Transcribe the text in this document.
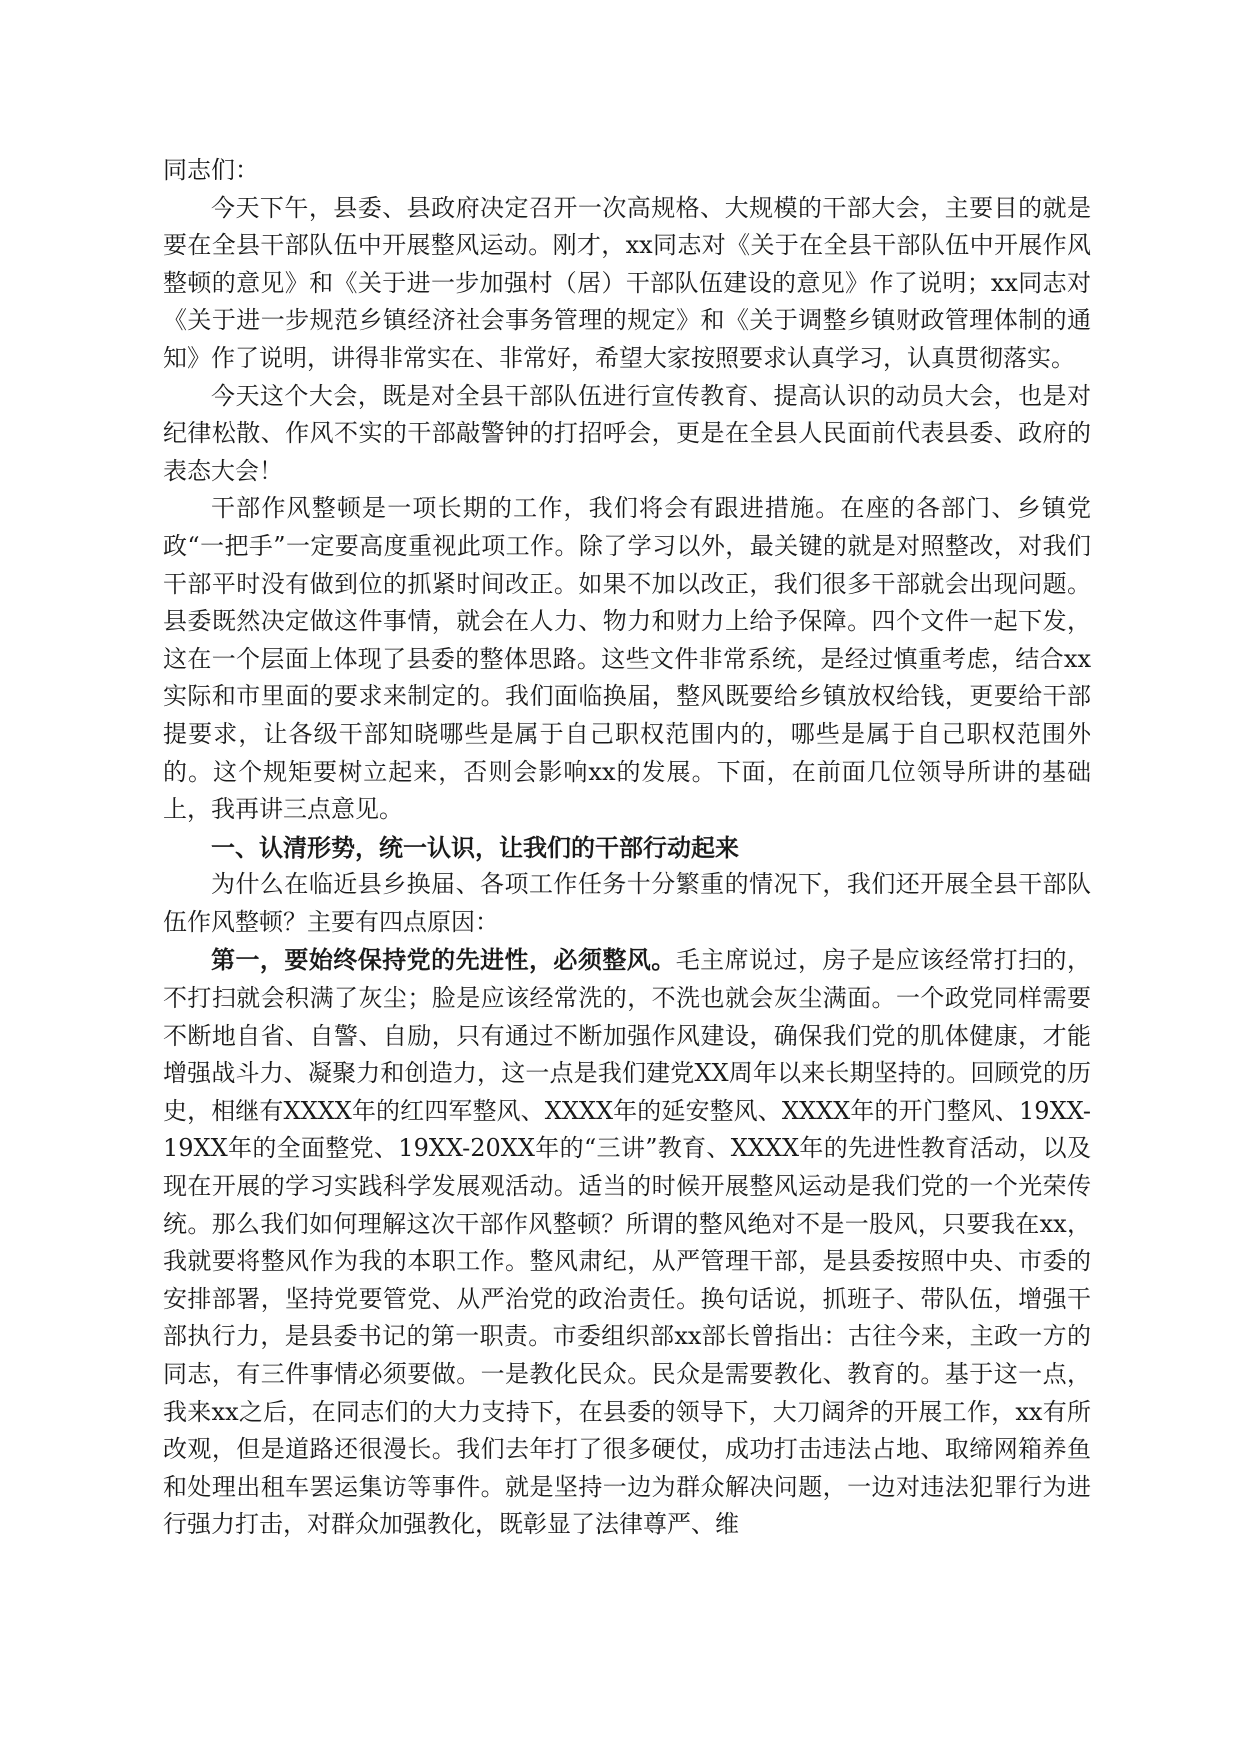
同志们：

今天下午，县委、县政府决定召开一次高规格、大规模的干部大会，主要目的就是要在全县干部队伍中开展整风运动。刚才，xx同志对《关于在全县干部队伍中开展作风整顿的意见》和《关于进一步加强村（居）干部队伍建设的意见》作了说明；xx同志对《关于进一步规范乡镇经济社会事务管理的规定》和《关于调整乡镇财政管理体制的通知》作了说明，讲得非常实在、非常好，希望大家按照要求认真学习，认真贯彻落实。

今天这个大会，既是对全县干部队伍进行宣传教育、提高认识的动员大会，也是对纪律松散、作风不实的干部敲警钟的打招呼会，更是在全县人民面前代表县委、政府的表态大会！

干部作风整顿是一项长期的工作，我们将会有跟进措施。在座的各部门、乡镇党政“一把手”一定要高度重视此项工作。除了学习以外，最关键的就是对照整改，对我们干部平时没有做到位的抓紧时间改正。如果不加以改正，我们很多干部就会出现问题。县委既然决定做这件事情，就会在人力、物力和财力上给予保障。四个文件一起下发，这在一个层面上体现了县委的整体思路。这些文件非常系统，是经过慎重考虑，结合xx实际和市里面的要求来制定的。我们面临换届，整风既要给乡镇放权给钱，更要给干部提要求，让各级干部知晓哪些是属于自己职权范围内的，哪些是属于自己职权范围外的。这个规矩要树立起来，否则会影响xx的发展。下面，在前面几位领导所讲的基础上，我再讲三点意见。

一、认清形势，统一认识，让我们的干部行动起来

为什么在临近县乡换届、各项工作任务十分繁重的情况下，我们还开展全县干部队伍作风整顿？主要有四点原因：

第一，要始终保持党的先进性，必须整风。毛主席说过，房子是应该经常打扫的，不打扫就会积满了灰尘；脸是应该经常洗的，不洗也就会灰尘满面。一个政党同样需要不断地自省、自警、自励，只有通过不断加强作风建设，确保我们党的肌体健康，才能增强战斗力、凝聚力和创造力，这一点是我们建党XX周年以来长期坚持的。回顾党的历史，相继有XXXX年的红四军整风、XXXX年的延安整风、XXXX年的开门整风、19XX-19XX年的全面整党、19XX-20XX年的“三讲”教育、XXXX年的先进性教育活动，以及现在开展的学习实践科学发展观活动。适当的时候开展整风运动是我们党的一个光荣传统。那么我们如何理解这次干部作风整顿？所谓的整风绝对不是一股风，只要我在xx，我就要将整风作为我的本职工作。整风肃纪，从严管理干部，是县委按照中央、市委的安排部署，坚持党要管党、从严治党的政治责任。换句话说，抓班子、带队伍，增强干部执行力，是县委书记的第一职责。市委组织部xx部长曾指出：古往今来，主政一方的同志，有三件事情必须要做。一是教化民众。民众是需要教化、教育的。基于这一点，我来xx之后，在同志们的大力支持下，在县委的领导下，大刀阔斧的开展工作，xx有所改观，但是道路还很漫长。我们去年打了很多硬仗，成功打击违法占地、取缔网箱养鱼和处理出租车罢运集访等事件。就是坚持一边为群众解决问题，一边对违法犯罪行为进行强力打击，对群众加强教化，既彰显了法律尊严、维
